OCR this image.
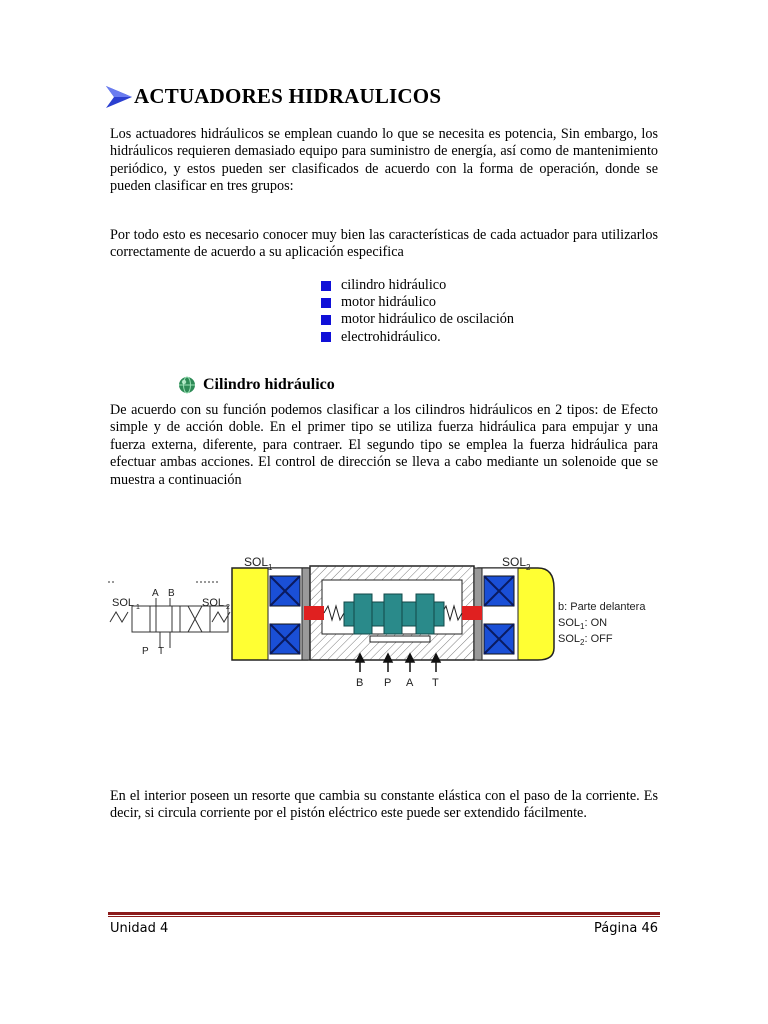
ACTUADORES HIDRAULICOS

Los actuadores hidráulicos se emplean cuando lo que se necesita es potencia, Sin embargo, los hidráulicos requieren demasiado equipo para suministro de energía, así como de mantenimiento periódico, y estos pueden ser clasificados de acuerdo con la forma de operación, donde se pueden clasificar en tres grupos:

Por todo esto es necesario conocer muy bien las características de cada actuador para utilizarlos correctamente de acuerdo a su aplicación especifica

cilindro hidráulico
motor hidráulico
motor hidráulico de oscilación
electrohidráulico.
Cilindro hidráulico

De acuerdo con su función podemos clasificar a los cilindros hidráulicos en 2 tipos: de Efecto simple y de acción doble. En el primer tipo se utiliza fuerza hidráulica para empujar y una fuerza externa, diferente, para contraer. El segundo tipo se emplea la fuerza hidráulica para efectuar ambas acciones. El control de dirección se lleva a cabo mediante un solenoide que se muestra a continuación

SOL 1
A B
SOL 2
P T
B P A T
SOL 1	SOL 2
b: Parte delantera
$SOL_1$: ON
$SOL_2$: OFF

En el interior poseen un resorte que cambia su constante elástica con el paso de la corriente. Es decir, si circula corriente por el pistón eléctrico este puede ser extendido fácilmente.

Unidad 4	Página 46
